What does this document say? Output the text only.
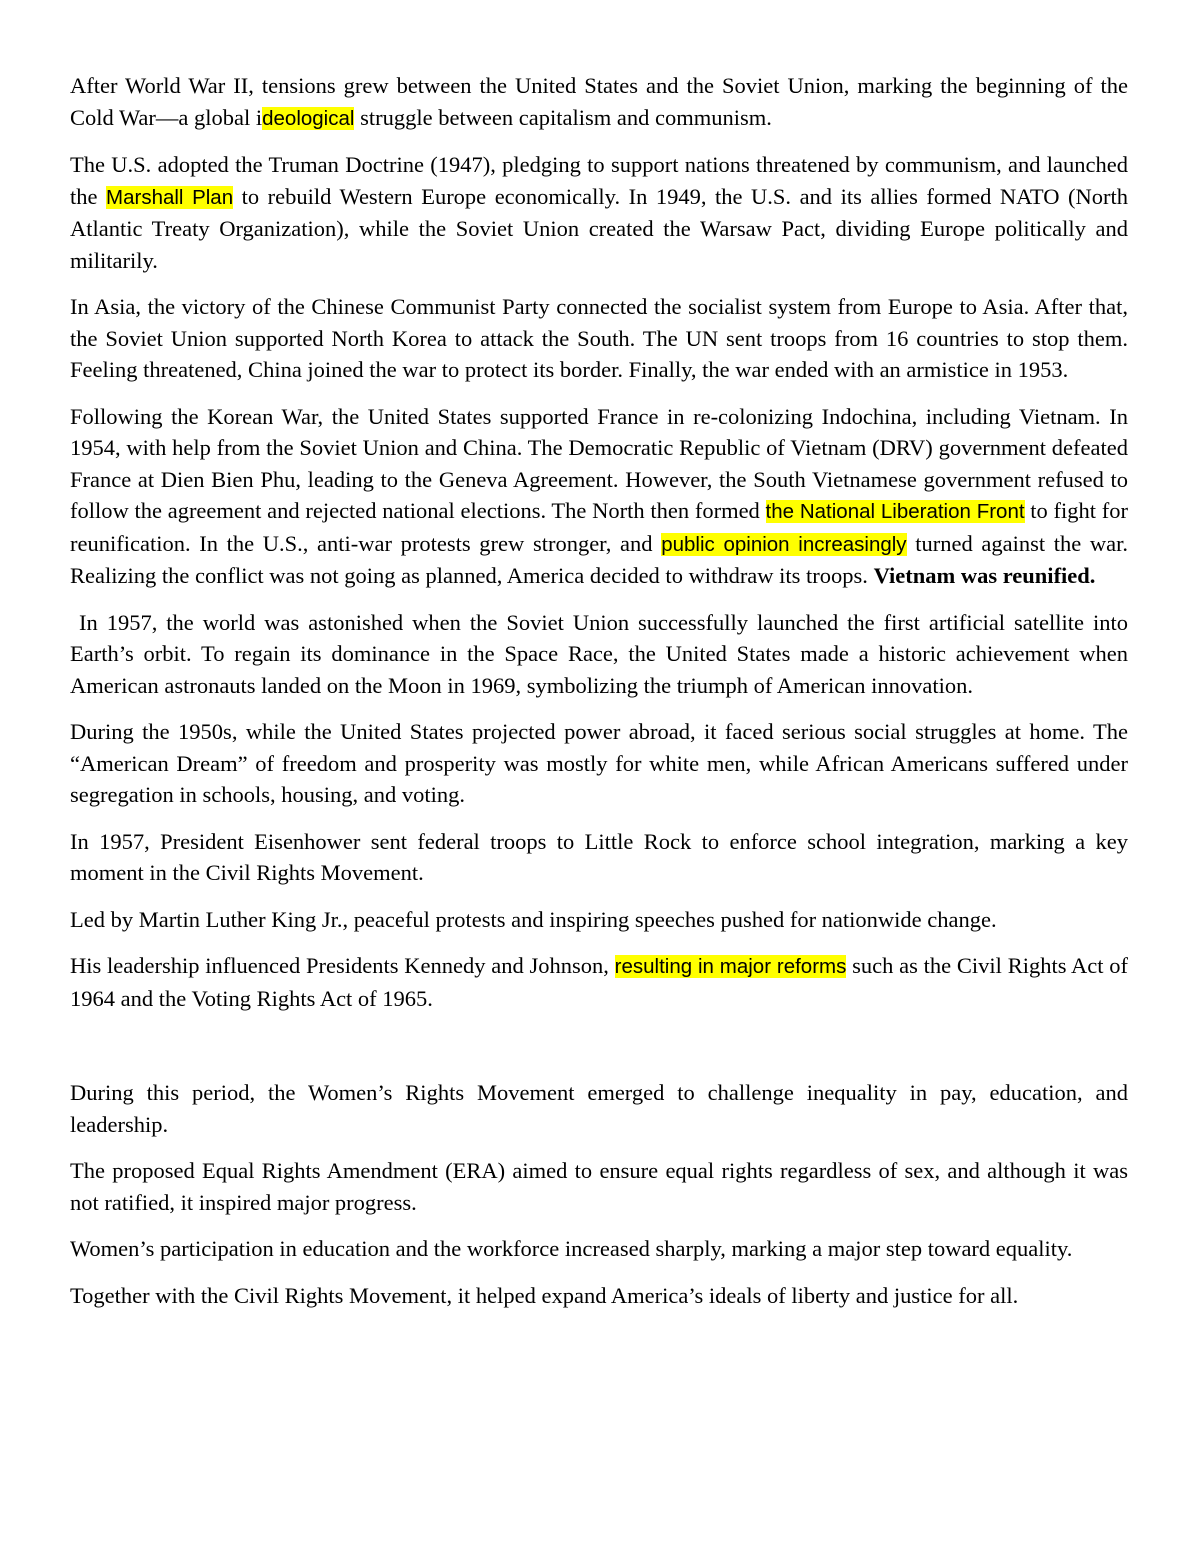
After World War II, tensions grew between the United States and the Soviet Union, marking the beginning of the Cold War—a global ideological struggle between capitalism and communism.

The U.S. adopted the Truman Doctrine (1947), pledging to support nations threatened by communism, and launched the Marshall Plan to rebuild Western Europe economically. In 1949, the U.S. and its allies formed NATO (North Atlantic Treaty Organization), while the Soviet Union created the Warsaw Pact, dividing Europe politically and militarily.

In Asia, the victory of the Chinese Communist Party connected the socialist system from Europe to Asia. After that, the Soviet Union supported North Korea to attack the South. The UN sent troops from 16 countries to stop them. Feeling threatened, China joined the war to protect its border. Finally, the war ended with an armistice in 1953.

Following the Korean War, the United States supported France in re-colonizing Indochina, including Vietnam. In 1954, with help from the Soviet Union and China. The Democratic Republic of Vietnam (DRV) government defeated France at Dien Bien Phu, leading to the Geneva Agreement. However, the South Vietnamese government refused to follow the agreement and rejected national elections. The North then formed the National Liberation Front to fight for reunification. In the U.S., anti-war protests grew stronger, and public opinion increasingly turned against the war. Realizing the conflict was not going as planned, America decided to withdraw its troops. Vietnam was reunified.

In 1957, the world was astonished when the Soviet Union successfully launched the first artificial satellite into Earth’s orbit. To regain its dominance in the Space Race, the United States made a historic achievement when American astronauts landed on the Moon in 1969, symbolizing the triumph of American innovation.

During the 1950s, while the United States projected power abroad, it faced serious social struggles at home. The “American Dream” of freedom and prosperity was mostly for white men, while African Americans suffered under segregation in schools, housing, and voting.

In 1957, President Eisenhower sent federal troops to Little Rock to enforce school integration, marking a key moment in the Civil Rights Movement.

Led by Martin Luther King Jr., peaceful protests and inspiring speeches pushed for nationwide change.

His leadership influenced Presidents Kennedy and Johnson, resulting in major reforms such as the Civil Rights Act of 1964 and the Voting Rights Act of 1965.

During this period, the Women’s Rights Movement emerged to challenge inequality in pay, education, and leadership.

The proposed Equal Rights Amendment (ERA) aimed to ensure equal rights regardless of sex, and although it was not ratified, it inspired major progress.

Women’s participation in education and the workforce increased sharply, marking a major step toward equality.

Together with the Civil Rights Movement, it helped expand America’s ideals of liberty and justice for all.
